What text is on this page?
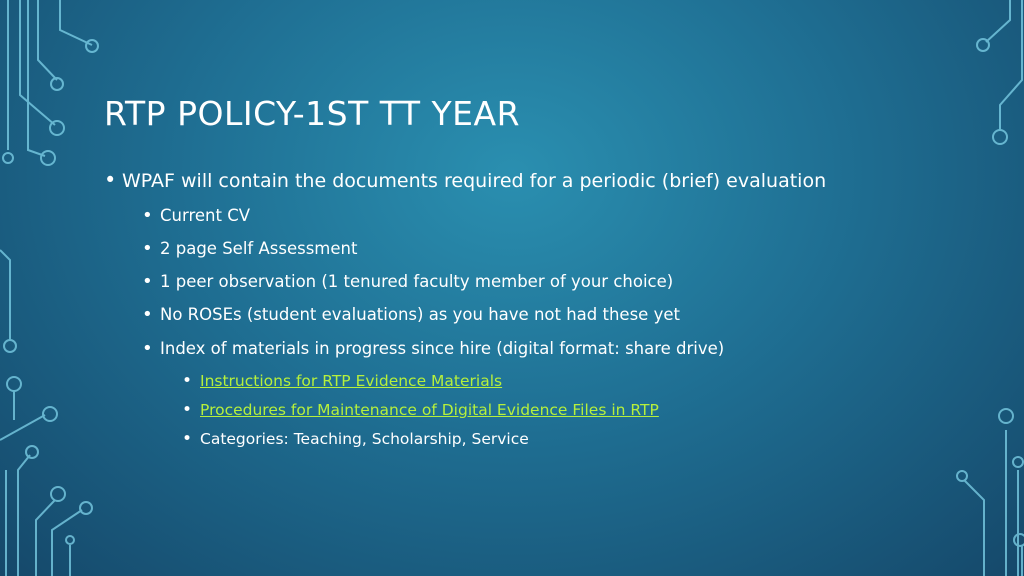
RTP POLICY-1ST TT YEAR
• WPAF will contain the documents required for a periodic (brief) evaluation
• Current CV
• 2 page Self Assessment
• 1 peer observation (1 tenured faculty member of your choice)
• No ROSEs (student evaluations) as you have not had these yet
• Index of materials in progress since hire (digital format: share drive)
• Instructions for RTP Evidence Materials
• Procedures for Maintenance of Digital Evidence Files in RTP
• Categories: Teaching, Scholarship, Service
